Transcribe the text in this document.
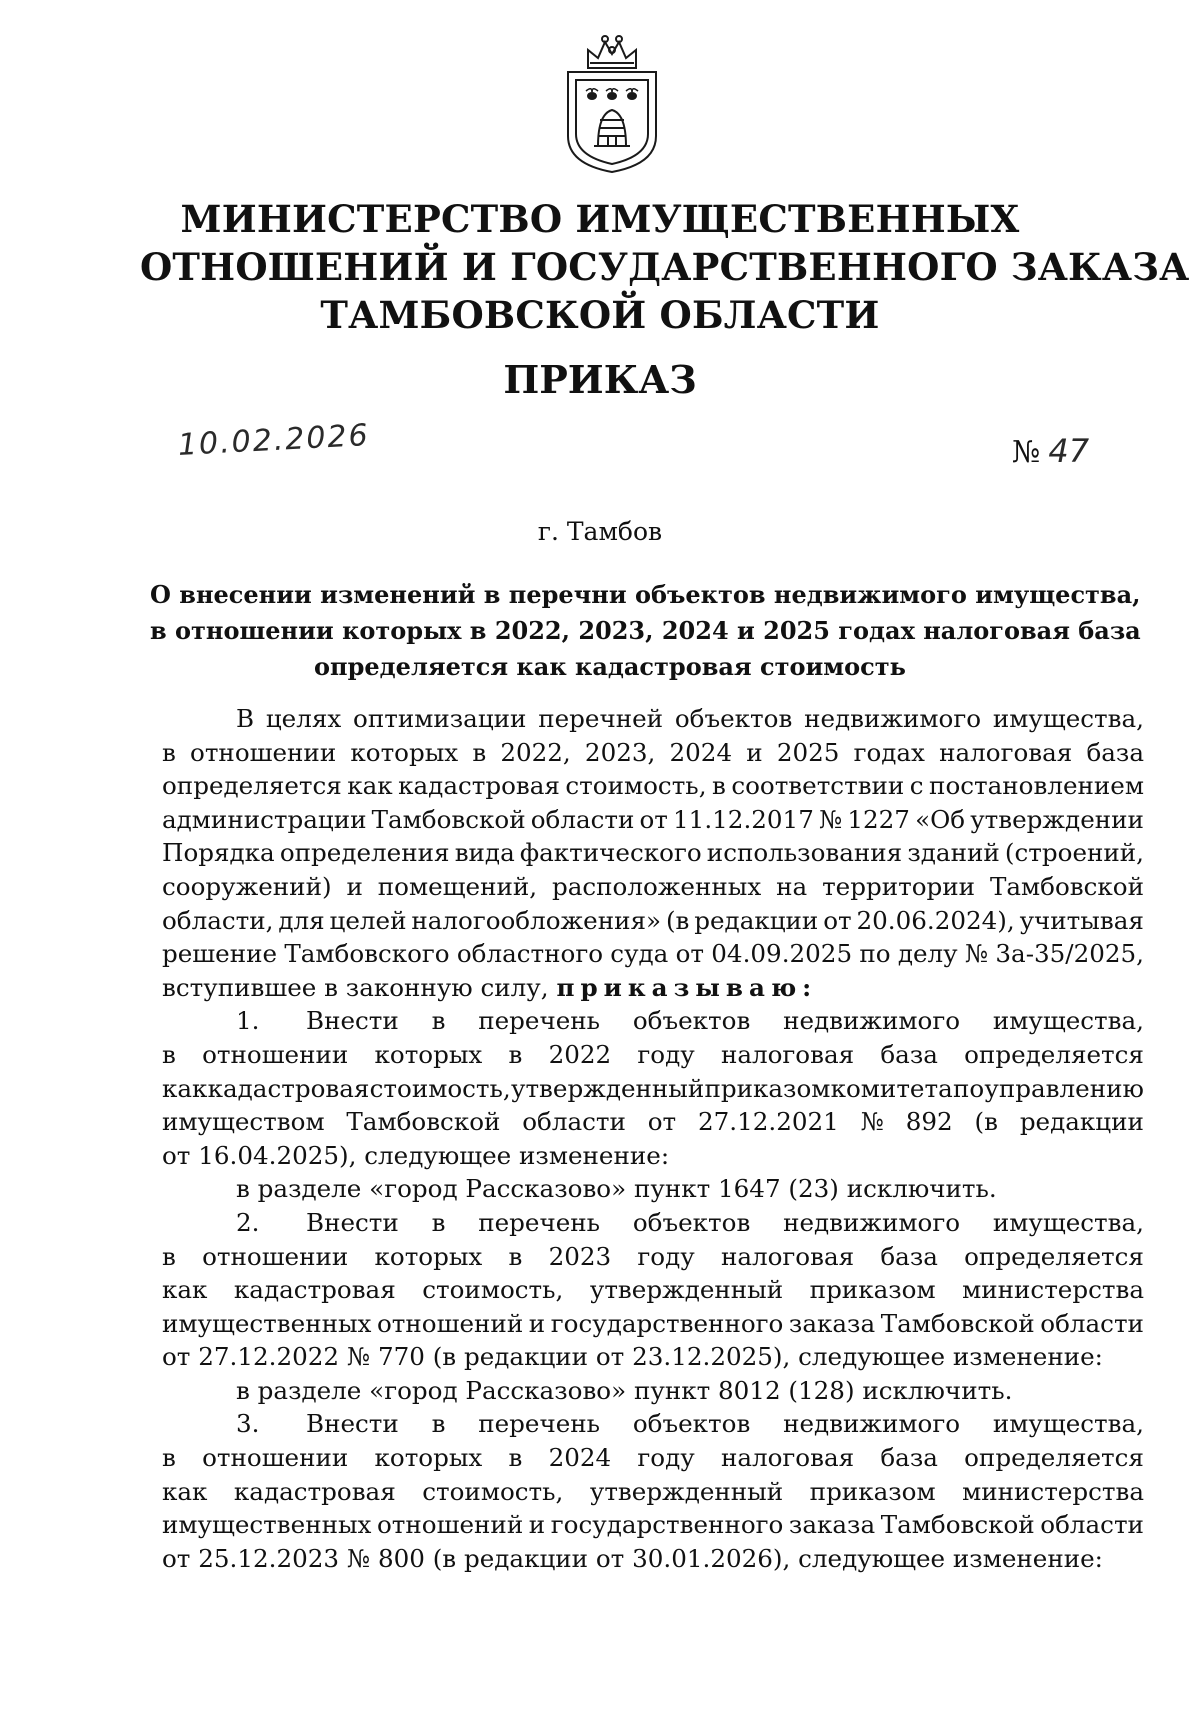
МИНИСТЕРСТВО ИМУЩЕСТВЕННЫХ
ОТНОШЕНИЙ И ГОСУДАРСТВЕННОГО ЗАКАЗА
ТАМБОВСКОЙ ОБЛАСТИ
ПРИКАЗ
10.02.2026	№ 47
г. Тамбов
О внесении изменений в перечни объектов недвижимого имущества,
в отношении которых в 2022, 2023, 2024 и 2025 годах налоговая база
определяется как кадастровая стоимость
В целях оптимизации перечней объектов недвижимого имущества,
в отношении которых в 2022, 2023, 2024 и 2025 годах налоговая база
определяется как кадастровая стоимость, в соответствии с постановлением
администрации Тамбовской области от 11.12.2017 № 1227 «Об утверждении
Порядка определения вида фактического использования зданий (строений,
сооружений) и помещений, расположенных на территории Тамбовской
области, для целей налогообложения» (в редакции от 20.06.2024), учитывая
решение Тамбовского областного суда от 04.09.2025 по делу № 3а-35/2025,
вступившее в законную силу, приказываю:
1.	Внести в перечень объектов недвижимого имущества,
в отношении которых в 2022 году налоговая база определяется
как кадастровая стоимость, утвержденный приказом комитета по управлению
имуществом Тамбовской области от 27.12.2021 № 892 (в редакции
от 16.04.2025), следующее изменение:
в разделе «город Рассказово» пункт 1647 (23) исключить.
2.	Внести в перечень объектов недвижимого имущества,
в отношении которых в 2023 году налоговая база определяется
как кадастровая стоимость, утвержденный приказом министерства
имущественных отношений и государственного заказа Тамбовской области
от 27.12.2022 № 770 (в редакции от 23.12.2025), следующее изменение:
в разделе «город Рассказово» пункт 8012 (128) исключить.
3.	Внести в перечень объектов недвижимого имущества,
в отношении которых в 2024 году налоговая база определяется
как кадастровая стоимость, утвержденный приказом министерства
имущественных отношений и государственного заказа Тамбовской области
от 25.12.2023 № 800 (в редакции от 30.01.2026), следующее изменение:
